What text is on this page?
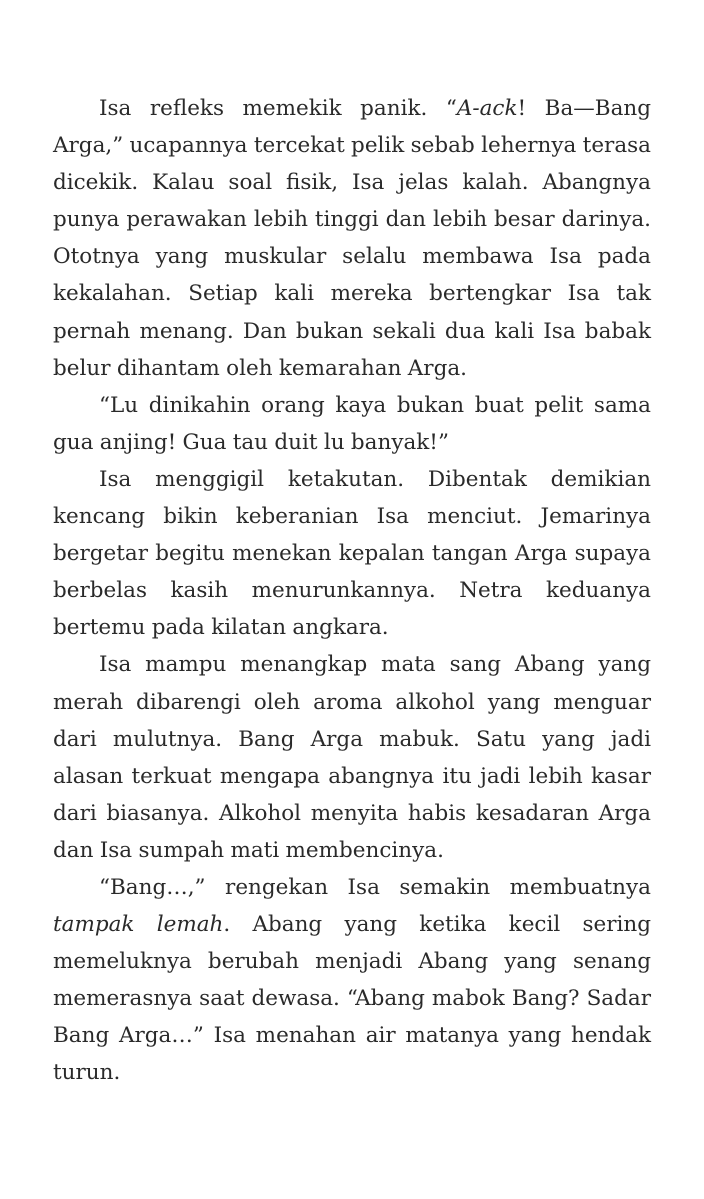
Isa refleks memekik panik. “A-ack! Ba—Bang Arga,” ucapannya tercekat pelik sebab lehernya terasa dicekik. Kalau soal fisik, Isa jelas kalah. Abangnya punya perawakan lebih tinggi dan lebih besar darinya. Ototnya yang muskular selalu membawa Isa pada kekalahan. Setiap kali mereka bertengkar Isa tak pernah menang. Dan bukan sekali dua kali Isa babak belur dihantam oleh kemarahan Arga.

“Lu dinikahin orang kaya bukan buat pelit sama gua anjing! Gua tau duit lu banyak!”

Isa menggigil ketakutan. Dibentak demikian kencang bikin keberanian Isa menciut. Jemarinya bergetar begitu menekan kepalan tangan Arga supaya berbelas kasih menurunkannya. Netra keduanya bertemu pada kilatan angkara.

Isa mampu menangkap mata sang Abang yang merah dibarengi oleh aroma alkohol yang menguar dari mulutnya. Bang Arga mabuk. Satu yang jadi alasan terkuat mengapa abangnya itu jadi lebih kasar dari biasanya. Alkohol menyita habis kesadaran Arga dan Isa sumpah mati membencinya.

“Bang…,” rengekan Isa semakin membuatnya tampak lemah. Abang yang ketika kecil sering memeluknya berubah menjadi Abang yang senang memerasnya saat dewasa. “Abang mabok Bang? Sadar Bang Arga…” Isa menahan air matanya yang hendak turun.
